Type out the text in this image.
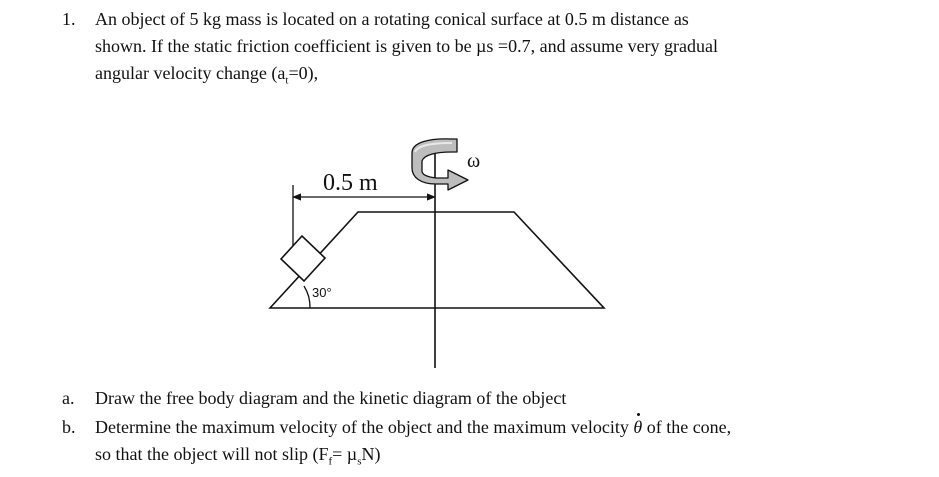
1. An object of 5 kg mass is located on a rotating conical surface at 0.5 m distance as
shown. If the static friction coefficient is given to be µs =0.7, and assume very gradual
angular velocity change $(a_t=0)$,
0.5 m
ω
30°
a. Draw the free body diagram and the kinetic diagram of the object
b. Determine the maximum velocity of the object and the maximum velocity θ of the cone,
so that the object will not slip $(F_f= \mu_sN)$
